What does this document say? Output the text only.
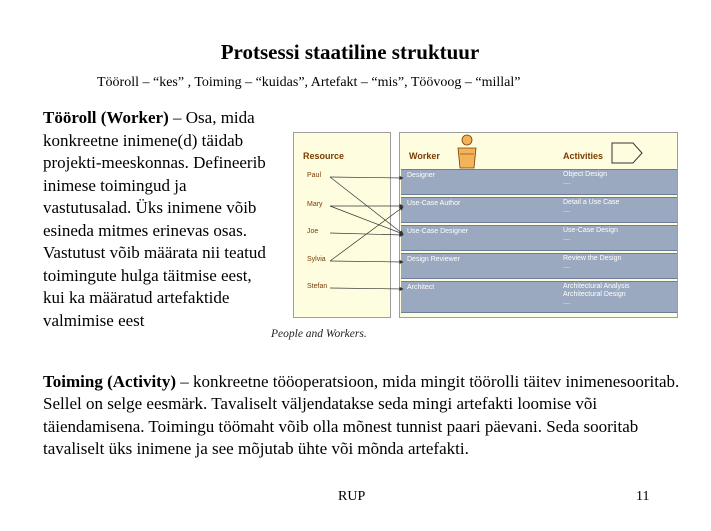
Protsessi staatiline struktuur
Tööroll – “kes” , Toiming – “kuidas”, Artefakt – “mis”, Töövoog – “millal”
Tööroll (Worker) – Osa, mida konkreetne inimene(d) täidab projekti-meeskonnas. Defineerib inimese toimingud ja vastutusalad. Üks inimene võib esineda mitmes erinevas osas. Vastutust võib määrata nii teatud toimingute hulga täitmise eest, kui ka määratud artefaktide valmimise eest
Resource	Worker	Activities
Paul
Mary
Joe
Sylvia
Stefan
Designer	Object Design
....
Use-Case Author	Detail a Use Case
....
Use-Case Designer	Use-Case Design
....
Design Reviewer	Review the Design
....
Architect	Architectural Analysis
Architectural Design
....
People and Workers.
Toiming (Activity) – konkreetne tööoperatsioon, mida mingit töörolli täitev inimenesooritab. Sellel on selge eesmärk. Tavaliselt väljendatakse seda mingi artefakti loomise või täiendamisena. Toimingu töömaht võib olla mõnest tunnist paari päevani. Seda sooritab tavaliselt üks inimene ja see mõjutab ühte või mõnda artefakti.
RUP	11
